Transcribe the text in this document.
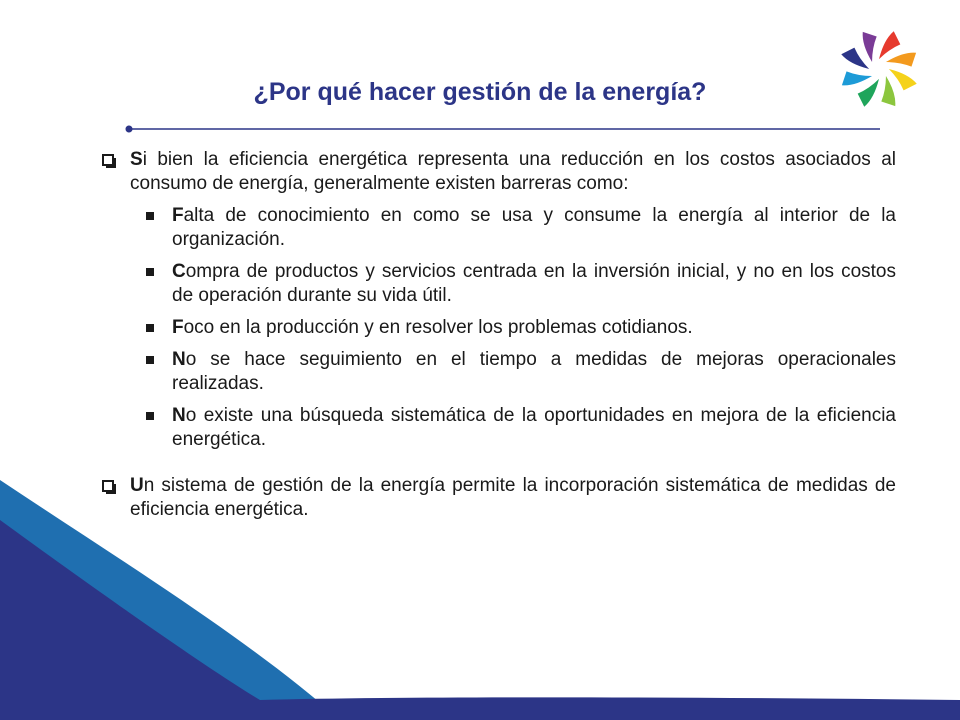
¿Por qué hacer gestión de la energía?
Si bien la eficiencia energética representa una reducción en los costos asociados al consumo de energía, generalmente existen barreras como:
Falta de conocimiento en como se usa y consume la energía al interior de la organización.
Compra de productos y servicios centrada en la inversión inicial, y no en los costos de operación durante su vida útil.
Foco en la producción y en resolver los problemas cotidianos.
No se hace seguimiento en el tiempo a medidas de mejoras operacionales realizadas.
No existe una búsqueda sistemática de la oportunidades en mejora de la eficiencia energética.
Un sistema de gestión de la energía permite la incorporación sistemática de medidas de eficiencia energética.
